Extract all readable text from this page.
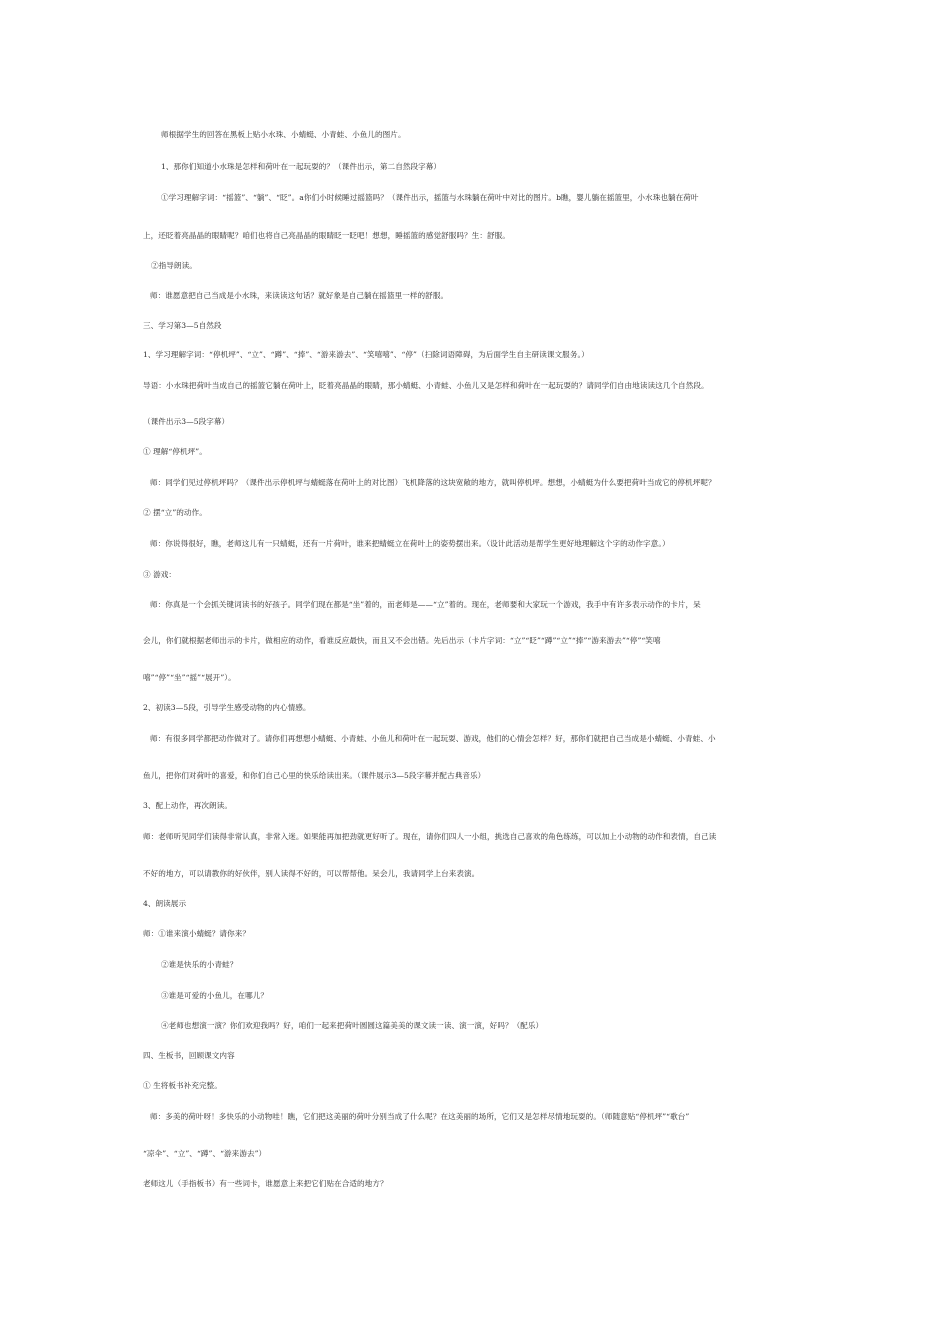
师根据学生的回答在黑板上贴小水珠、小蜻蜓、小青蛙、小鱼儿的图片。
1、那你们知道小水珠是怎样和荷叶在一起玩耍的？（课件出示，第二自然段字幕）
①学习理解字词：“摇篮”、“躺”、“眨”。a你们小时候睡过摇篮吗？（课件出示，摇篮与水珠躺在荷叶中对比的图片。b瞧，婴儿躺在摇篮里，小水珠也躺在荷叶
上，还眨着亮晶晶的眼睛呢？咱们也将自己亮晶晶的眼睛眨一眨吧！想想，睡摇篮的感觉舒服吗？生：舒服。
②指导朗读。
师：谁愿意把自己当成是小水珠，来读读这句话？就好象是自己躺在摇篮里一样的舒服。
三、学习第3—5自然段
1、学习理解字词：“停机坪”、“立”、“蹲”、“捧”、“游来游去”、“笑嘻嘻”、“停”（扫除词语障碍，为后面学生自主研读课文服务。）
导语：小水珠把荷叶当成自己的摇篮它躺在荷叶上，眨着亮晶晶的眼睛，那小蜻蜓、小青蛙、小鱼儿又是怎样和荷叶在一起玩耍的？请同学们自由地读读这几个自然段。
（课件出示3—5段字幕）
① 理解“停机坪”。
师：同学们见过停机坪吗？（课件出示停机坪与蜻蜓落在荷叶上的对比图）飞机降落的这块宽敞的地方，就叫停机坪。想想，小蜻蜓为什么要把荷叶当成它的停机坪呢？
② 摆“立”的动作。
师：你说得很好，瞧，老师这儿有一只蜻蜓，还有一片荷叶，谁来把蜻蜓立在荷叶上的姿势摆出来。（设计此活动是帮学生更好地理解这个字的动作字意。）
③ 游戏：
师：你真是一个会抓关键词读书的好孩子。同学们现在都是“坐”着的，而老师是——“立”着的。现在，老师要和大家玩一个游戏，我手中有许多表示动作的卡片，呆
会儿，你们就根据老师出示的卡片，做相应的动作，看谁反应最快，而且又不会出错。先后出示（卡片字词：“立”“眨”“蹲”“立”“捧”“游来游去”“停”“笑嘻
嘻”“停”“坐”“摇”“展开”）。
2、初读3—5段，引导学生感受动物的内心情感。
师：有很多同学都把动作做对了。请你们再想想小蜻蜓、小青蛙、小鱼儿和荷叶在一起玩耍、游戏，他们的心情会怎样？好，那你们就把自己当成是小蜻蜓、小青蛙、小
鱼儿，把你们对荷叶的喜爱，和你们自己心里的快乐给读出来。（课件展示3—5段字幕并配古典音乐）
3、配上动作，再次朗读。
师：老师听见同学们读得非常认真，非常入迷。如果能再加把劲就更好听了。现在，请你们四人一小组，挑选自己喜欢的角色练练，可以加上小动物的动作和表情，自己读
不好的地方，可以请教你的好伙伴，别人读得不好的，可以帮帮他。呆会儿，我请同学上台来表演。
4、朗读展示
师：①谁来演小蜻蜓？请你来？
②谁是快乐的小青蛙？
③谁是可爱的小鱼儿，在哪儿？
④老师也想演一演？你们欢迎我吗？好，咱们一起来把荷叶圆圆这篇美美的课文读一读、演一演，好吗？（配乐）
四、生板书，回顾课文内容
① 生将板书补充完整。
师：多美的荷叶呀！多快乐的小动物哇！瞧，它们把这美丽的荷叶分别当成了什么呢？在这美丽的场所，它们又是怎样尽情地玩耍的。（师随意贴“停机坪”“歌台”
“凉伞”、“立”、“蹲”、“游来游去”）
老师这儿（手指板书）有一些词卡，谁愿意上来把它们贴在合适的地方？
